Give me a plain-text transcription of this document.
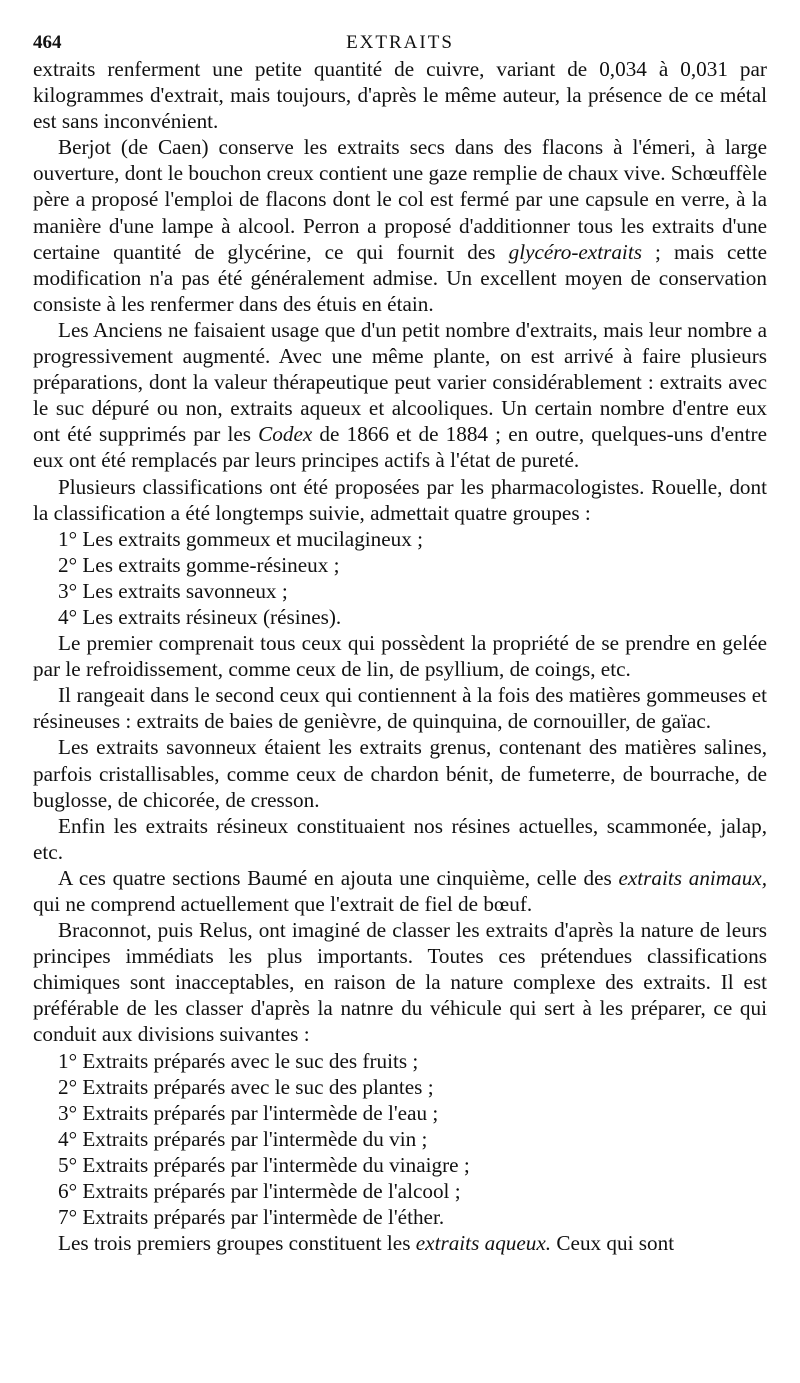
464	EXTRAITS

extraits renferment une petite quantité de cuivre, variant de 0,034 à 0,031 par kilogrammes d'extrait, mais toujours, d'après le même auteur, la présence de ce métal est sans inconvénient.

Berjot (de Caen) conserve les extraits secs dans des flacons à l'émeri, à large ouverture, dont le bouchon creux contient une gaze remplie de chaux vive. Schœuffèle père a proposé l'emploi de flacons dont le col est fermé par une capsule en verre, à la manière d'une lampe à alcool. Perron a proposé d'additionner tous les extraits d'une certaine quantité de glycérine, ce qui fournit des glycéro-extraits ; mais cette modification n'a pas été généralement admise. Un excellent moyen de conservation consiste à les renfermer dans des étuis en étain.

Les Anciens ne faisaient usage que d'un petit nombre d'extraits, mais leur nombre a progressivement augmenté. Avec une même plante, on est arrivé à faire plusieurs préparations, dont la valeur thérapeutique peut varier considérablement : extraits avec le suc dépuré ou non, extraits aqueux et alcooliques. Un certain nombre d'entre eux ont été supprimés par les Codex de 1866 et de 1884 ; en outre, quelques-uns d'entre eux ont été remplacés par leurs principes actifs à l'état de pureté.

Plusieurs classifications ont été proposées par les pharmacologistes. Rouelle, dont la classification a été longtemps suivie, admettait quatre groupes :

1° Les extraits gommeux et mucilagineux ;

2° Les extraits gomme-résineux ;

3° Les extraits savonneux ;

4° Les extraits résineux (résines).

Le premier comprenait tous ceux qui possèdent la propriété de se prendre en gelée par le refroidissement, comme ceux de lin, de psyllium, de coings, etc.

Il rangeait dans le second ceux qui contiennent à la fois des matières gommeuses et résineuses : extraits de baies de genièvre, de quinquina, de cornouiller, de gaïac.

Les extraits savonneux étaient les extraits grenus, contenant des matières salines, parfois cristallisables, comme ceux de chardon bénit, de fumeterre, de bourrache, de buglosse, de chicorée, de cresson.

Enfin les extraits résineux constituaient nos résines actuelles, scammonée, jalap, etc.

A ces quatre sections Baumé en ajouta une cinquième, celle des extraits animaux, qui ne comprend actuellement que l'extrait de fiel de bœuf.

Braconnot, puis Relus, ont imaginé de classer les extraits d'après la nature de leurs principes immédiats les plus importants. Toutes ces prétendues classifications chimiques sont inacceptables, en raison de la nature complexe des extraits. Il est préférable de les classer d'après la natnre du véhicule qui sert à les préparer, ce qui conduit aux divisions suivantes :

1° Extraits préparés avec le suc des fruits ;

2° Extraits préparés avec le suc des plantes ;

3° Extraits préparés par l'intermède de l'eau ;

4° Extraits préparés par l'intermède du vin ;

5° Extraits préparés par l'intermède du vinaigre ;

6° Extraits préparés par l'intermède de l'alcool ;

7° Extraits préparés par l'intermède de l'éther.

Les trois premiers groupes constituent les extraits aqueux. Ceux qui sont
